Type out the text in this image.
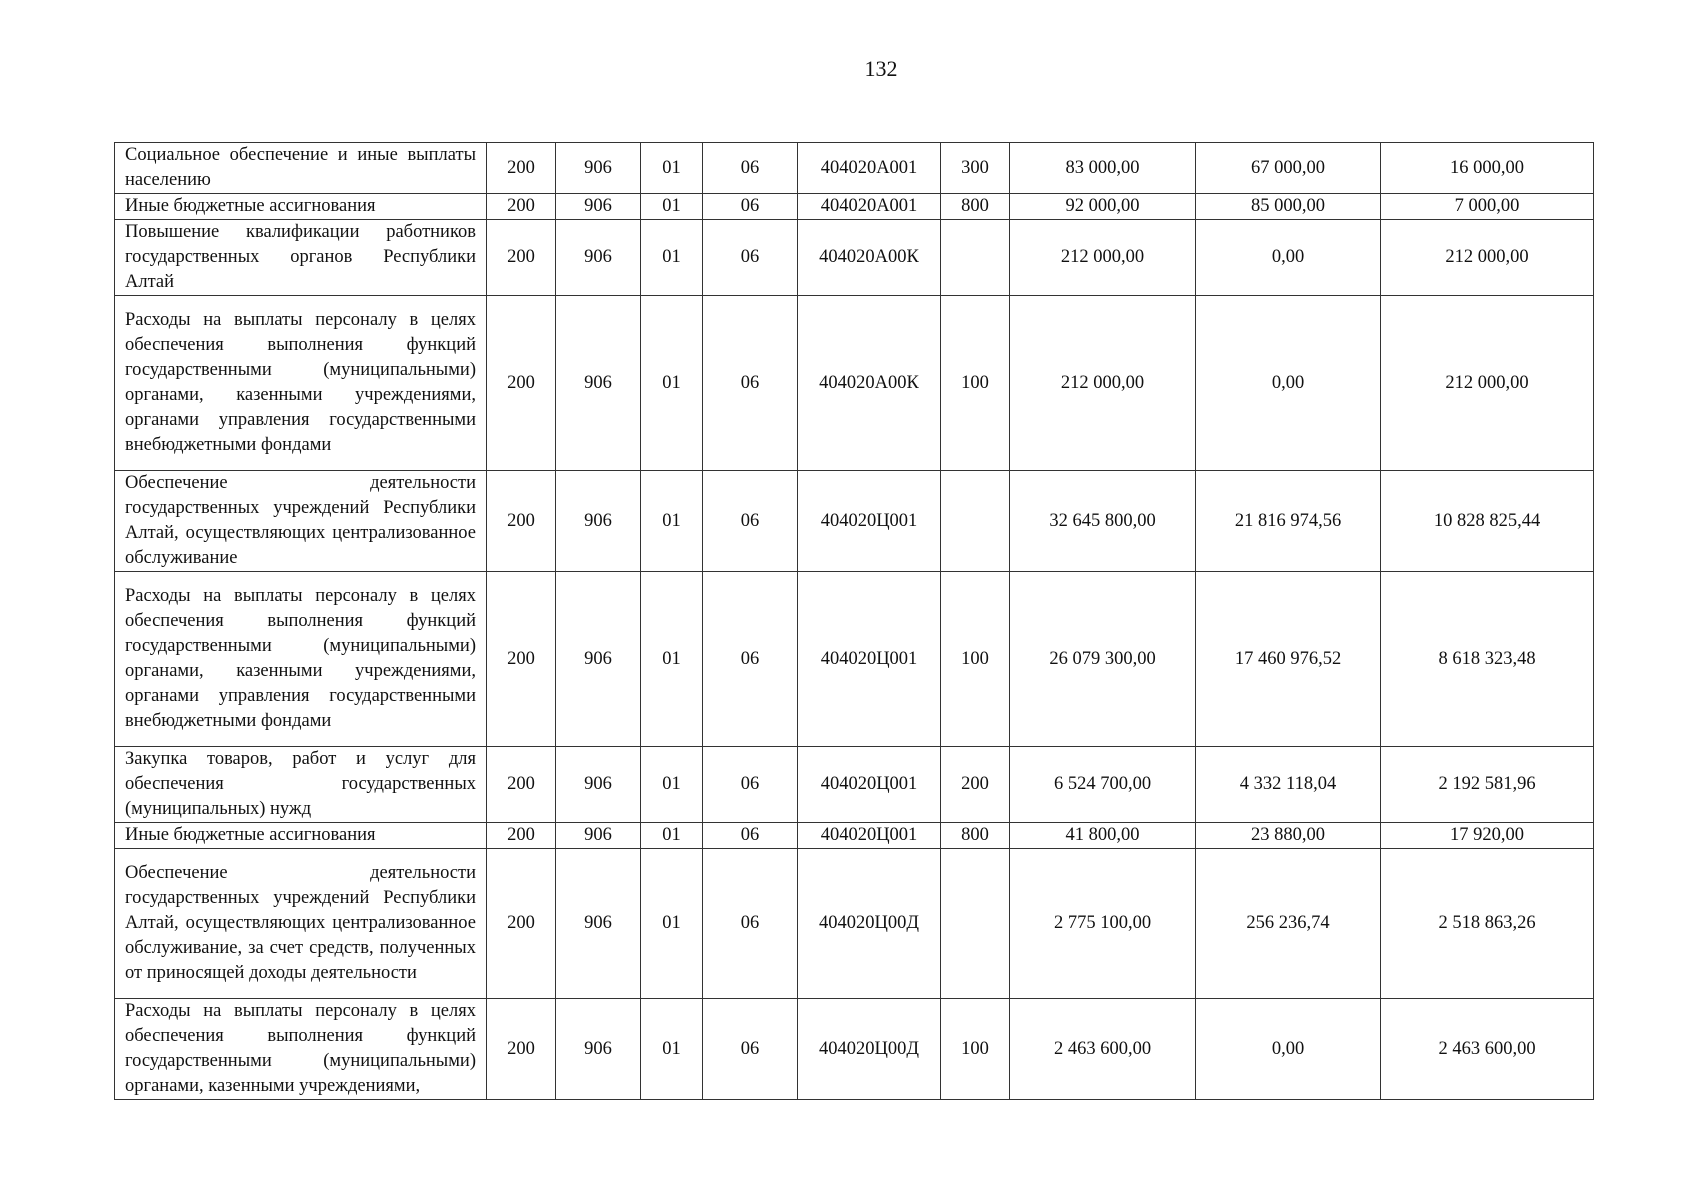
132
Социальное обеспечение и иные выплаты населению	200	906	01	06	404020А001	300	83 000,00	67 000,00	16 000,00
Иные бюджетные ассигнования	200	906	01	06	404020А001	800	92 000,00	85 000,00	7 000,00
Повышение квалификации работников государственных органов Республики Алтай	200	906	01	06	404020А00К		212 000,00	0,00	212 000,00
Расходы на выплаты персоналу в целях обеспечения выполнения функций государственными (муниципальными) органами, казенными учреждениями, органами управления государственными внебюджетными фондами	200	906	01	06	404020А00К	100	212 000,00	0,00	212 000,00
Обеспечение деятельности государственных учреждений Республики Алтай, осуществляющих централизованное обслуживание	200	906	01	06	404020Ц001		32 645 800,00	21 816 974,56	10 828 825,44
Расходы на выплаты персоналу в целях обеспечения выполнения функций государственными (муниципальными) органами, казенными учреждениями, органами управления государственными внебюджетными фондами	200	906	01	06	404020Ц001	100	26 079 300,00	17 460 976,52	8 618 323,48
Закупка товаров, работ и услуг для обеспечения государственных (муниципальных) нужд	200	906	01	06	404020Ц001	200	6 524 700,00	4 332 118,04	2 192 581,96
Иные бюджетные ассигнования	200	906	01	06	404020Ц001	800	41 800,00	23 880,00	17 920,00
Обеспечение деятельности государственных учреждений Республики Алтай, осуществляющих централизованное обслуживание, за счет средств, полученных от приносящей доходы деятельности	200	906	01	06	404020Ц00Д		2 775 100,00	256 236,74	2 518 863,26

Расходы на выплаты персоналу в целях обеспечения выполнения функций государственными (муниципальными) органами, казенными учреждениями,	200	906	01	06	404020Ц00Д	100	2 463 600,00	0,00	2 463 600,00
